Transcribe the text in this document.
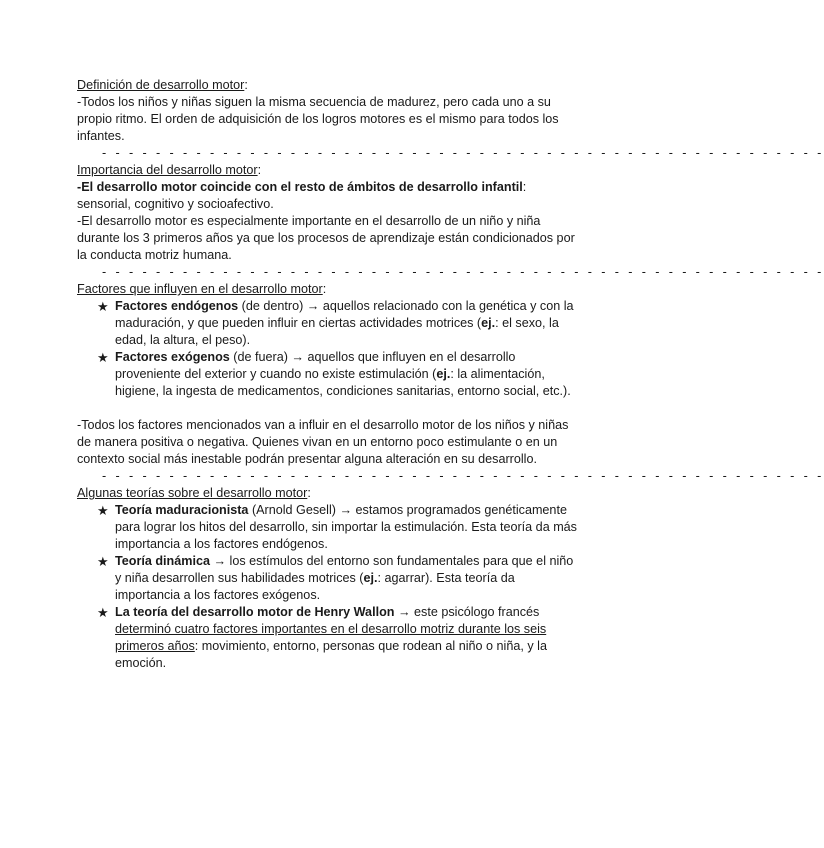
Definición de desarrollo motor:

-Todos los niños y niñas siguen la misma secuencia de madurez, pero cada uno a su propio ritmo. El orden de adquisición de los logros motores es el mismo para todos los infantes.

- - - - - - - - - - - - - - - - - - - - - - - - - - - - - - - - - - - - - - - - - - - - - - - - - - - - - -

Importancia del desarrollo motor:

-El desarrollo motor coincide con el resto de ámbitos de desarrollo infantil: sensorial, cognitivo y socioafectivo.

-El desarrollo motor es especialmente importante en el desarrollo de un niño y niña durante los 3 primeros años ya que los procesos de aprendizaje están condicionados por la conducta motriz humana.

- - - - - - - - - - - - - - - - - - - - - - - - - - - - - - - - - - - - - - - - - - - - - - - - - - - - - -

Factores que influyen en el desarrollo motor:

★ Factores endógenos (de dentro) → aquellos relacionado con la genética y con la maduración, y que pueden influir en ciertas actividades motrices (ej.: el sexo, la edad, la altura, el peso).
★ Factores exógenos (de fuera) → aquellos que influyen en el desarrollo proveniente del exterior y cuando no existe estimulación (ej.: la alimentación, higiene, la ingesta de medicamentos, condiciones sanitarias, entorno social, etc.).

-Todos los factores mencionados van a influir en el desarrollo motor de los niños y niñas de manera positiva o negativa. Quienes vivan en un entorno poco estimulante o en un contexto social más inestable podrán presentar alguna alteración en su desarrollo.

- - - - - - - - - - - - - - - - - - - - - - - - - - - - - - - - - - - - - - - - - - - - - - - - - - - - - -

Algunas teorías sobre el desarrollo motor:

★ Teoría maduracionista (Arnold Gesell) → estamos programados genéticamente para lograr los hitos del desarrollo, sin importar la estimulación. Esta teoría da más importancia a los factores endógenos.
★ Teoría dinámica → los estímulos del entorno son fundamentales para que el niño y niña desarrollen sus habilidades motrices (ej.: agarrar). Esta teoría da importancia a los factores exógenos.
★ La teoría del desarrollo motor de Henry Wallon → este psicólogo francés determinó cuatro factores importantes en el desarrollo motriz durante los seis primeros años: movimiento, entorno, personas que rodean al niño o niña, y la emoción.
